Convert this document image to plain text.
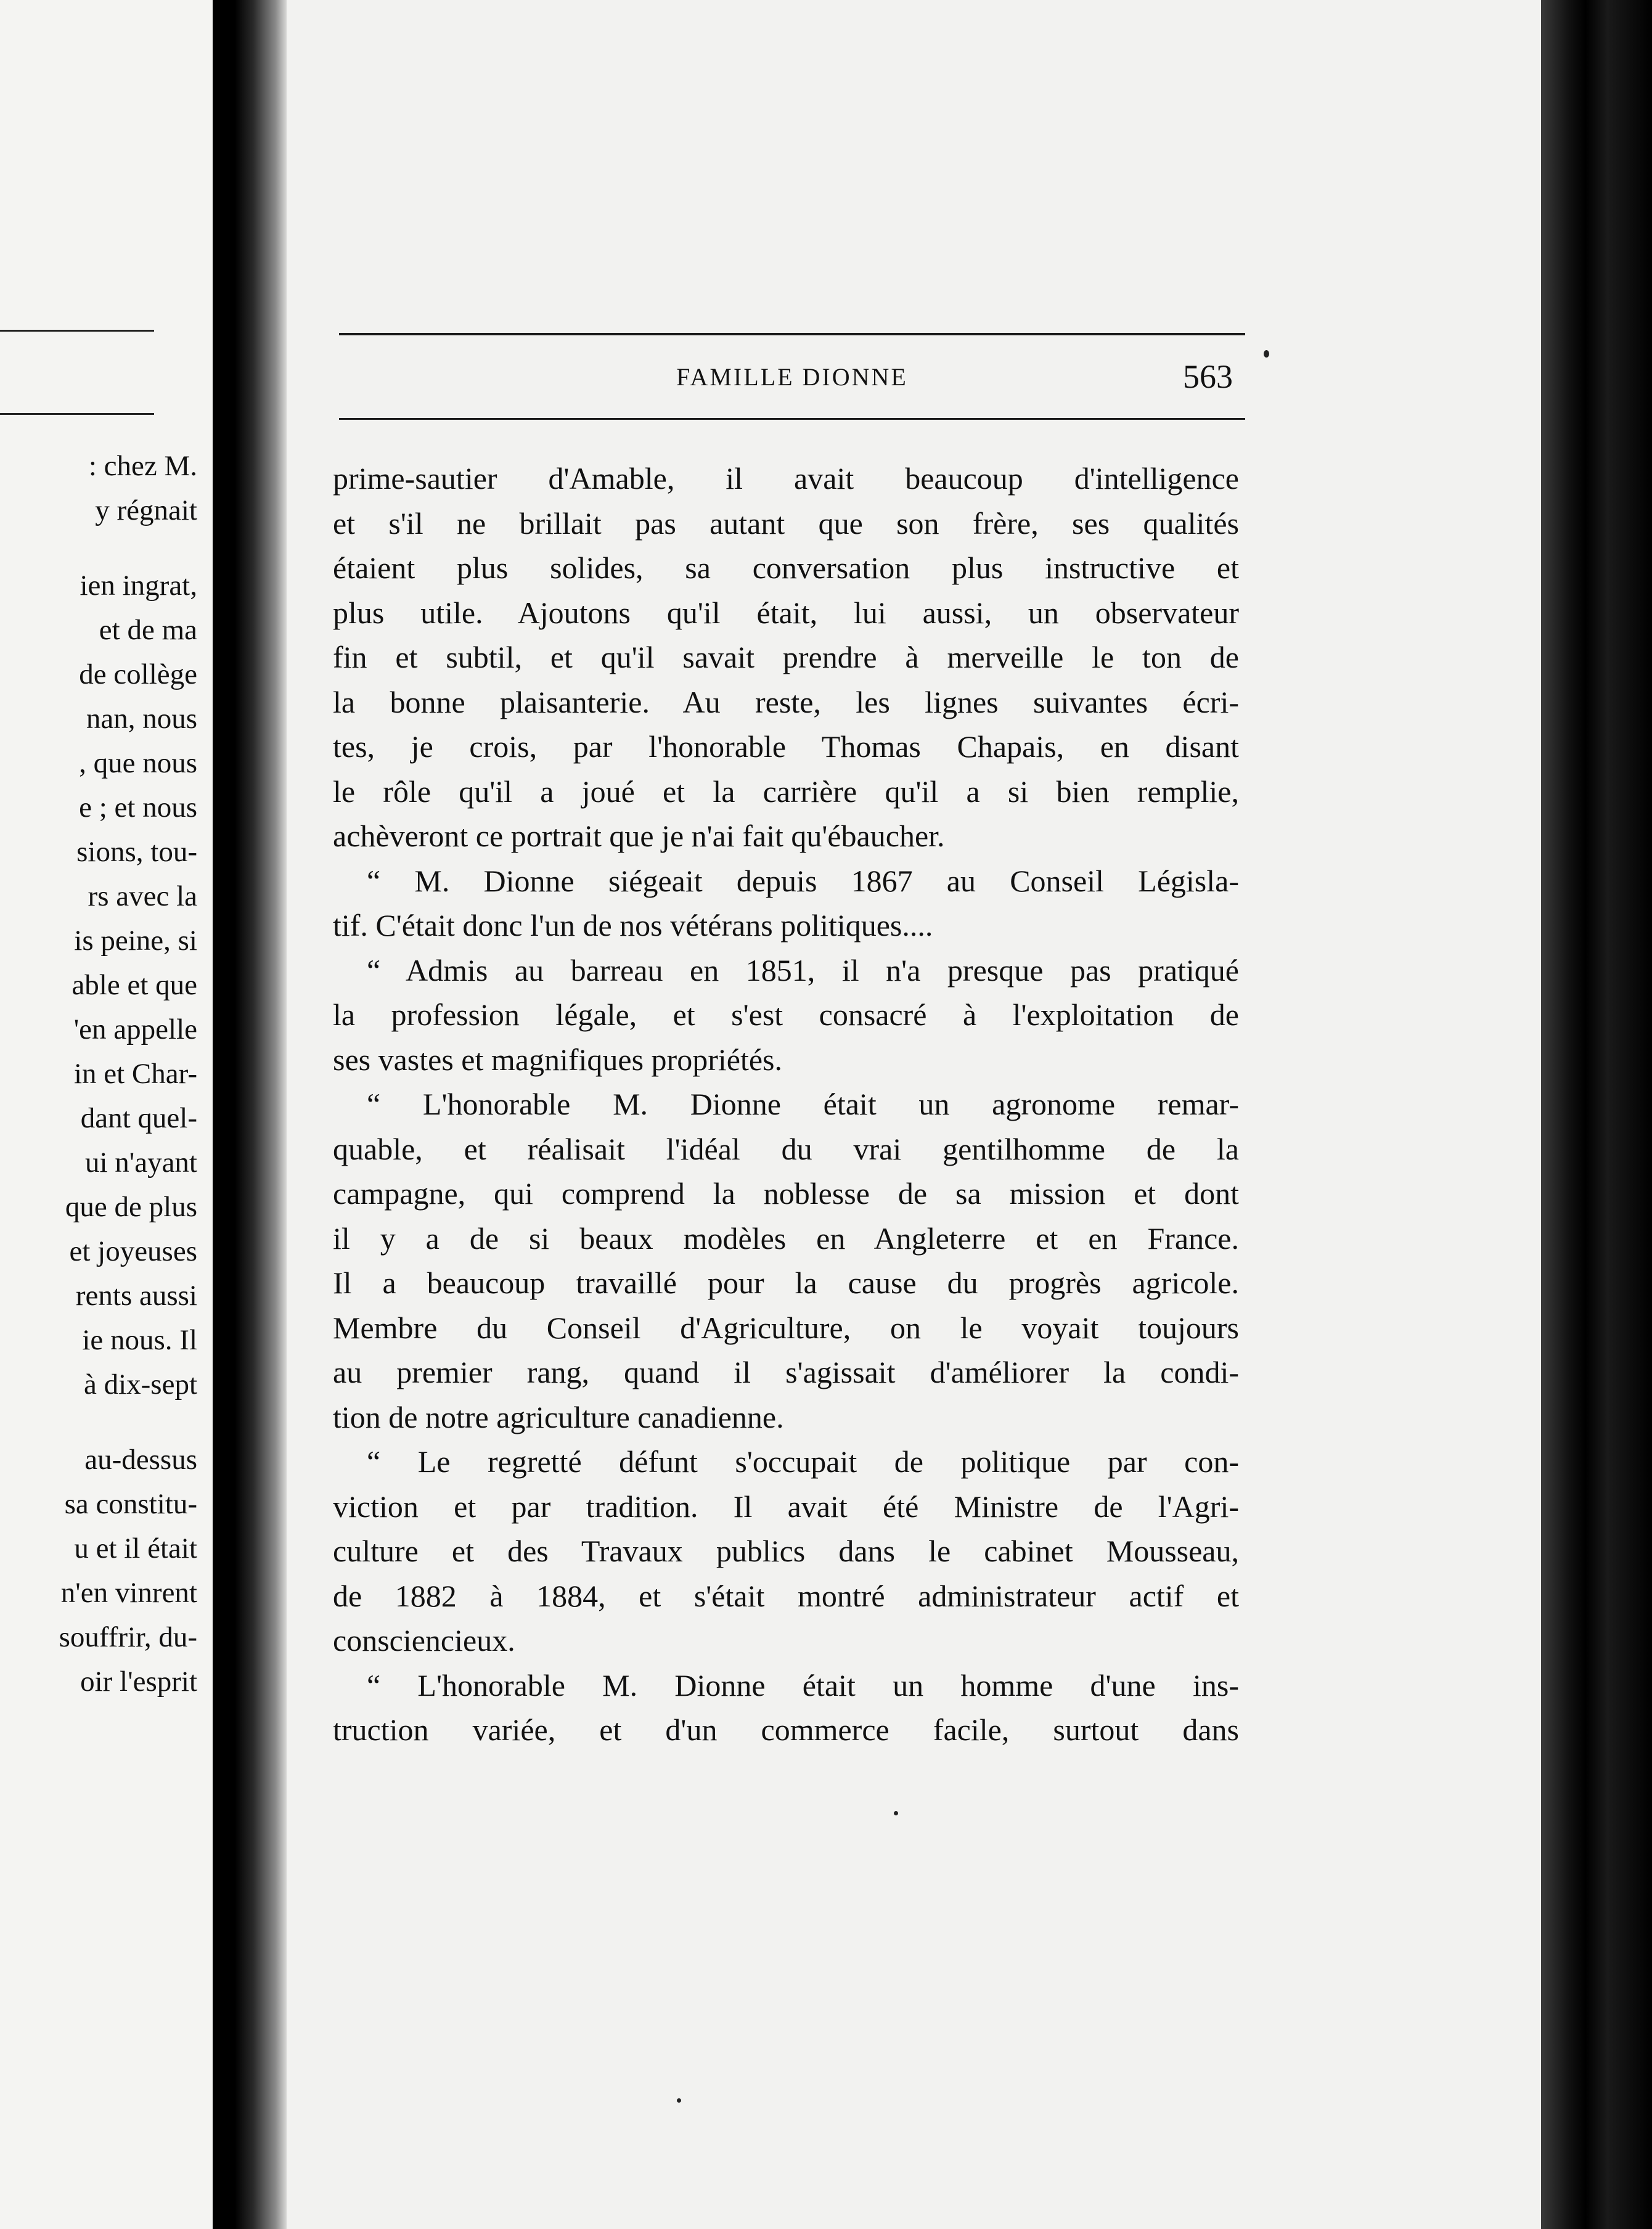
: chez M.
y régnait
ien ingrat,
et de ma
de collège
nan, nous
, que nous
e ; et nous
sions, tou-
rs avec la
is peine, si
able et que
'en appelle
in et Char-
dant quel-
ui n'ayant
que de plus
et joyeuses
rents aussi
ie nous. Il
à dix-sept
au-dessus
sa constitu-
u et il était
n'en vinrent
souffrir, du-
oir l'esprit
FAMILLE DIONNE	563
prime-sautier d'Amable, il avait beaucoup d'intelligence
et s'il ne brillait pas autant que son frère, ses qualités
étaient plus solides, sa conversation plus instructive et
plus utile. Ajoutons qu'il était, lui aussi, un observateur
fin et subtil, et qu'il savait prendre à merveille le ton de
la bonne plaisanterie. Au reste, les lignes suivantes écri-
tes, je crois, par l'honorable Thomas Chapais, en disant
le rôle qu'il a joué et la carrière qu'il a si bien remplie,
achèveront ce portrait que je n'ai fait qu'ébaucher.
“ M. Dionne siégeait depuis 1867 au Conseil Législa-
tif. C'était donc l'un de nos vétérans politiques....
“ Admis au barreau en 1851, il n'a presque pas pratiqué
la profession légale, et s'est consacré à l'exploitation de
ses vastes et magnifiques propriétés.
“ L'honorable M. Dionne était un agronome remar-
quable, et réalisait l'idéal du vrai gentilhomme de la
campagne, qui comprend la noblesse de sa mission et dont
il y a de si beaux modèles en Angleterre et en France.
Il a beaucoup travaillé pour la cause du progrès agricole.
Membre du Conseil d'Agriculture, on le voyait toujours
au premier rang, quand il s'agissait d'améliorer la condi-
tion de notre agriculture canadienne.
“ Le regretté défunt s'occupait de politique par con-
viction et par tradition. Il avait été Ministre de l'Agri-
culture et des Travaux publics dans le cabinet Mousseau,
de 1882 à 1884, et s'était montré administrateur actif et
consciencieux.
“ L'honorable M. Dionne était un homme d'une ins-
truction variée, et d'un commerce facile, surtout dans
